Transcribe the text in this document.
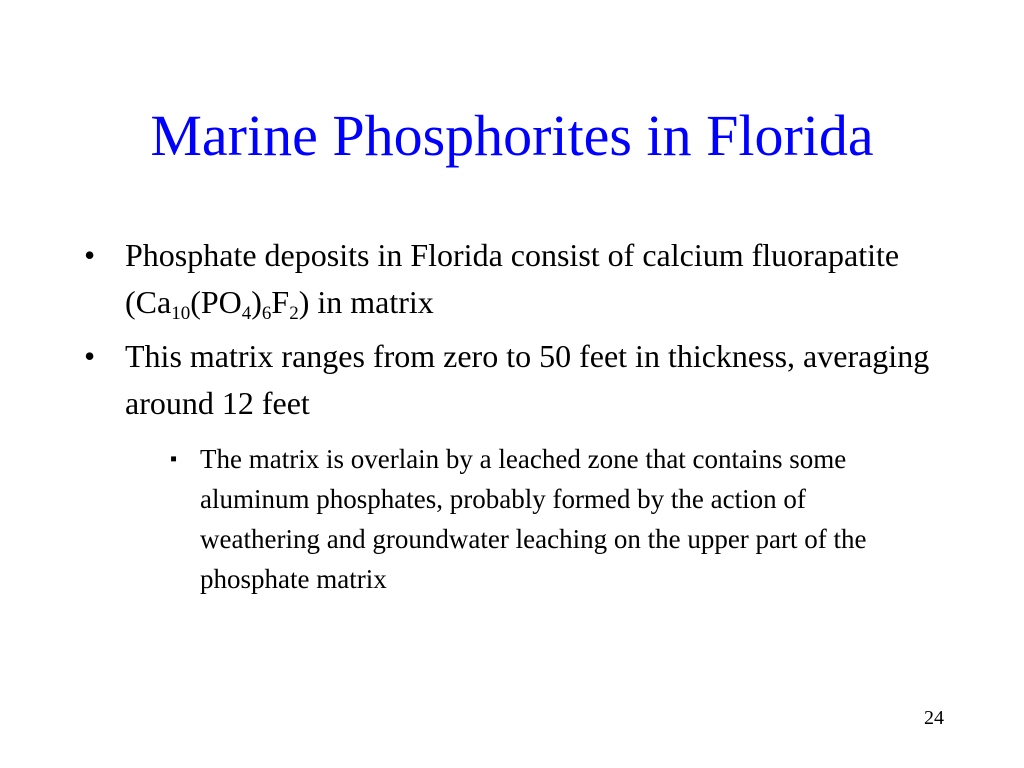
Marine Phosphorites in Florida
• Phosphate deposits in Florida consist of calcium fluorapatite $(Ca_{10}(PO_4)_6F_2)$ in matrix
• This matrix ranges from zero to 50 feet in thickness, averaging around 12 feet
▪ The matrix is overlain by a leached zone that contains some aluminum phosphates, probably formed by the action of weathering and groundwater leaching on the upper part of the phosphate matrix
24
